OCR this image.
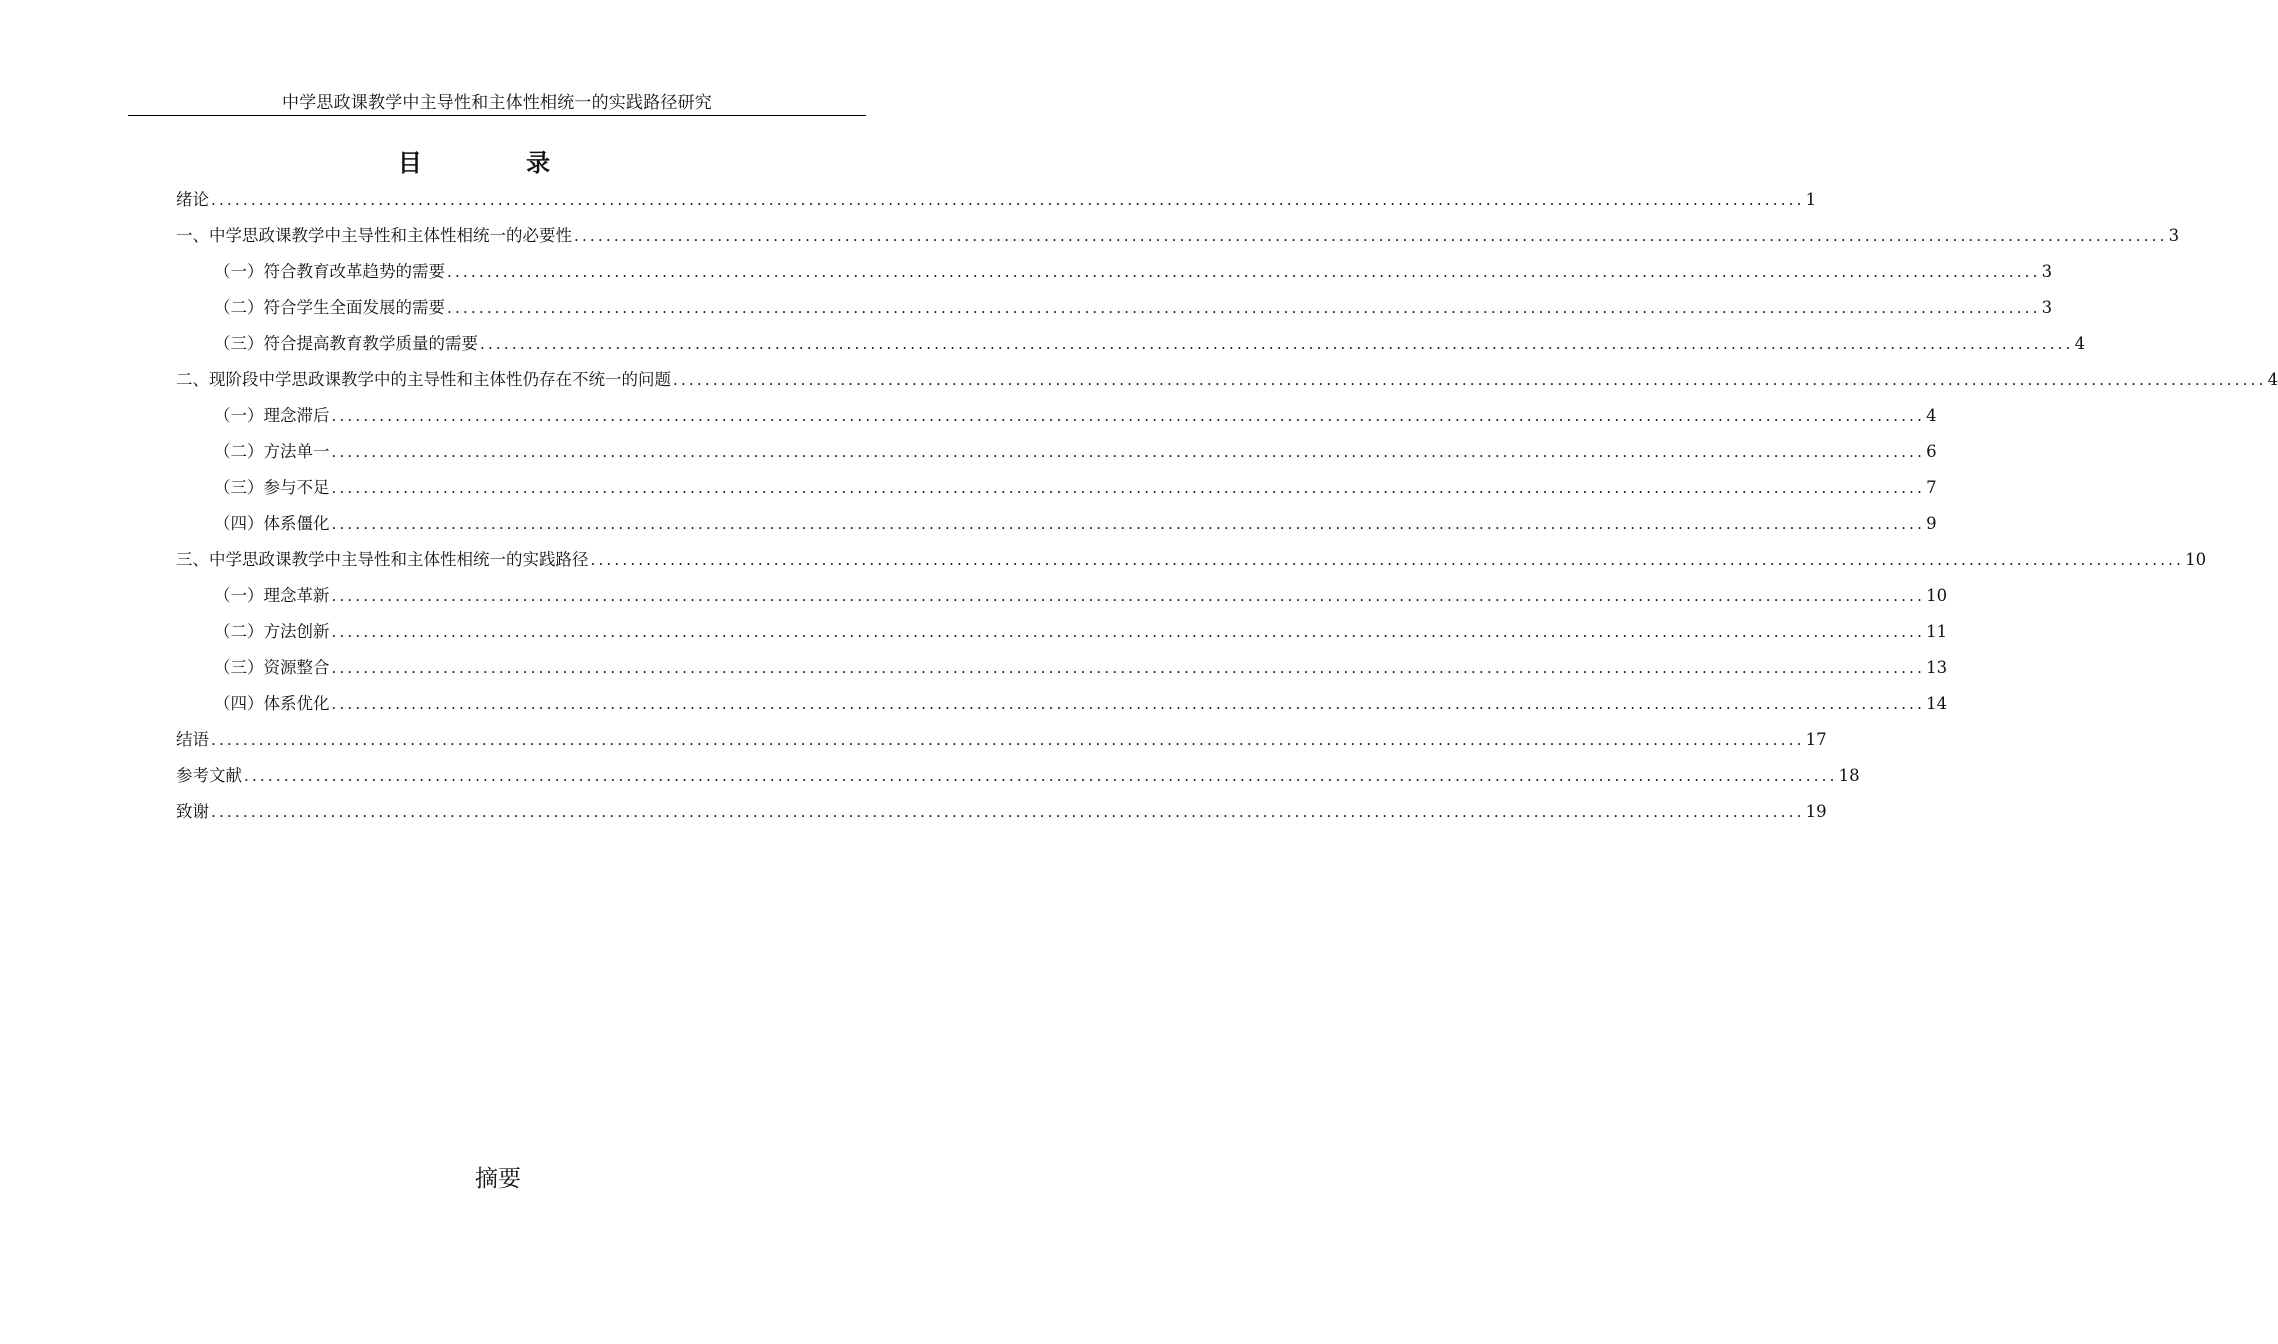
中学思政课教学中主导性和主体性相统一的实践路径研究
目 录
绪论 ........................................................................................................................................................................................................ 1
一、中学思政课教学中主导性和主体性相统一的必要性 ........................................................................................................................................................................................................ 3
（一）符合教育改革趋势的需要 ........................................................................................................................................................................................................ 3
（二）符合学生全面发展的需要 ........................................................................................................................................................................................................ 3
（三）符合提高教育教学质量的需要 ........................................................................................................................................................................................................ 4
二、现阶段中学思政课教学中的主导性和主体性仍存在不统一的问题 ........................................................................................................................................................................................................ 4
（一）理念滞后 ........................................................................................................................................................................................................ 4
（二）方法单一 ........................................................................................................................................................................................................ 6
（三）参与不足 ........................................................................................................................................................................................................ 7
（四）体系僵化 ........................................................................................................................................................................................................ 9
三、中学思政课教学中主导性和主体性相统一的实践路径 ........................................................................................................................................................................................................ 10
（一）理念革新 ........................................................................................................................................................................................................ 10
（二）方法创新 ........................................................................................................................................................................................................ 11
（三）资源整合 ........................................................................................................................................................................................................ 13
（四）体系优化 ........................................................................................................................................................................................................ 14
结语 ........................................................................................................................................................................................................ 17
参考文献 ........................................................................................................................................................................................................ 18
致谢 ........................................................................................................................................................................................................ 19
摘要
